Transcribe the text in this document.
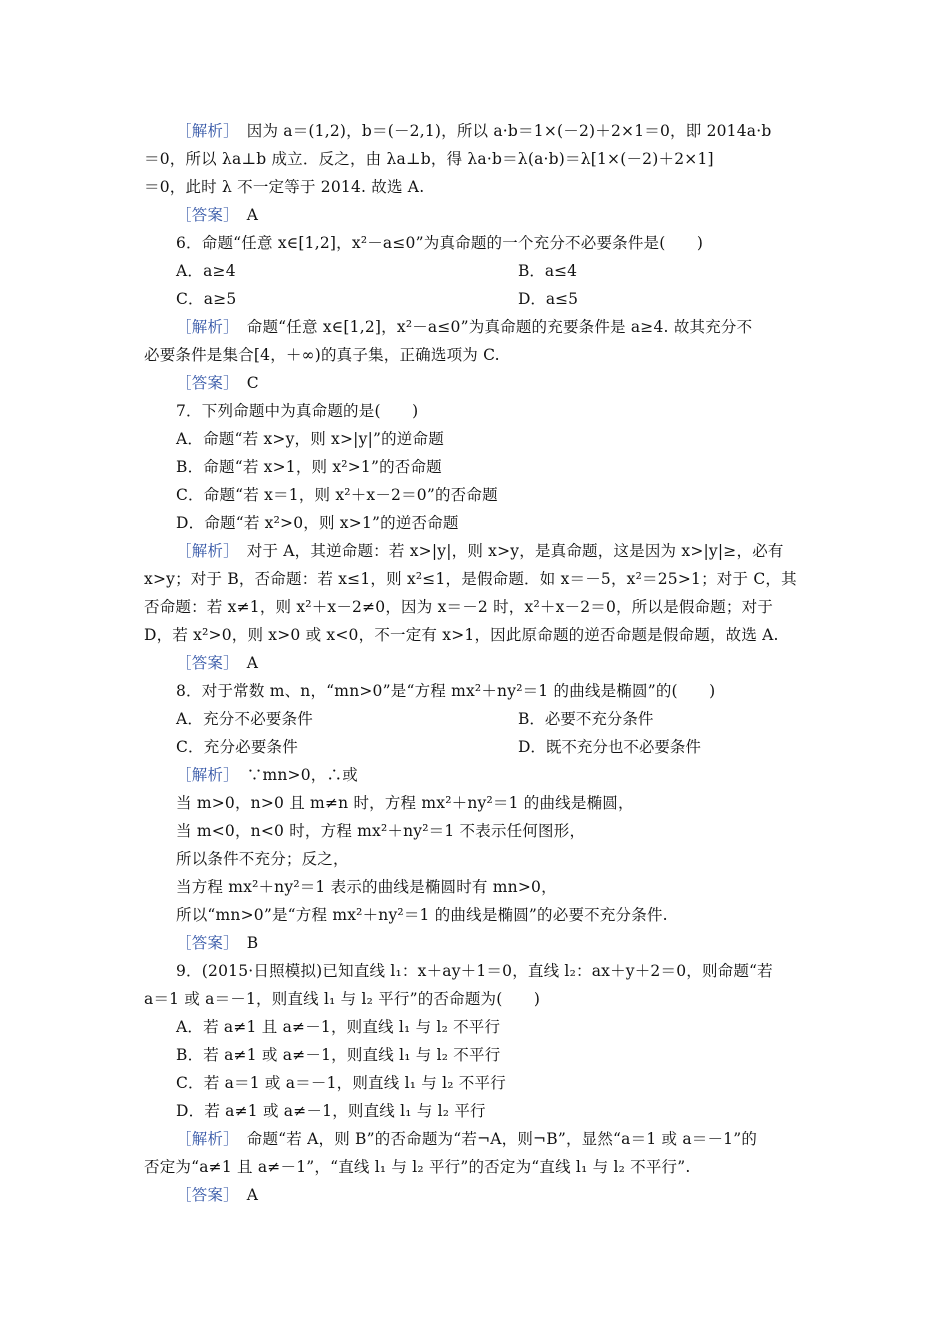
［解析］　因为 a＝(1,2)，b＝(－2,1)，所以 a·b＝1×(－2)＋2×1＝0，即 2014a·b
＝0，所以 λa⊥b 成立．反之，由 λa⊥b，得 λa·b＝λ(a·b)＝λ[1×(－2)＋2×1]
＝0，此时 λ 不一定等于 2014. 故选 A.
［答案］　A
6．命题“任意 x∈[1,2]，x²－a≤0”为真命题的一个充分不必要条件是(　　)
A．a≥4	B．a≤4
C．a≥5	D．a≤5
［解析］　命题“任意 x∈[1,2]，x²－a≤0”为真命题的充要条件是 a≥4. 故其充分不
必要条件是集合[4，＋∞)的真子集，正确选项为 C.
［答案］　C
7．下列命题中为真命题的是(　　)
A．命题“若 x>y，则 x>|y|”的逆命题
B．命题“若 x>1，则 x²>1”的否命题
C．命题“若 x＝1，则 x²＋x－2＝0”的否命题
D．命题“若 x²>0，则 x>1”的逆否命题
［解析］　对于 A，其逆命题：若 x>|y|，则 x>y，是真命题，这是因为 x>|y|≥，必有
x>y；对于 B，否命题：若 x≤1，则 x²≤1，是假命题．如 x＝－5，x²＝25>1；对于 C，其
否命题：若 x≠1，则 x²＋x－2≠0，因为 x＝－2 时，x²＋x－2＝0，所以是假命题；对于
D，若 x²>0，则 x>0 或 x<0，不一定有 x>1，因此原命题的逆否命题是假命题，故选 A.
［答案］　A
8．对于常数 m、n，“mn>0”是“方程 mx²＋ny²＝1 的曲线是椭圆”的(　　)
A．充分不必要条件	B．必要不充分条件
C．充分必要条件	D．既不充分也不必要条件
［解析］　∵mn>0，∴或
当 m>0，n>0 且 m≠n 时，方程 mx²＋ny²＝1 的曲线是椭圆，
当 m<0，n<0 时，方程 mx²＋ny²＝1 不表示任何图形，
所以条件不充分；反之，
当方程 mx²＋ny²＝1 表示的曲线是椭圆时有 mn>0，
所以“mn>0”是“方程 mx²＋ny²＝1 的曲线是椭圆”的必要不充分条件.
［答案］　B
9．(2015·日照模拟)已知直线 l₁：x＋ay＋1＝0，直线 l₂：ax＋y＋2＝0，则命题“若
a＝1 或 a＝－1，则直线 l₁ 与 l₂ 平行”的否命题为(　　)
A．若 a≠1 且 a≠－1，则直线 l₁ 与 l₂ 不平行
B．若 a≠1 或 a≠－1，则直线 l₁ 与 l₂ 不平行
C．若 a＝1 或 a＝－1，则直线 l₁ 与 l₂ 不平行
D．若 a≠1 或 a≠－1，则直线 l₁ 与 l₂ 平行
［解析］　命题“若 A，则 B”的否命题为“若¬A，则¬B”，显然“a＝1 或 a＝－1”的
否定为“a≠1 且 a≠－1”，“直线 l₁ 与 l₂ 平行”的否定为“直线 l₁ 与 l₂ 不平行”.
［答案］　A
